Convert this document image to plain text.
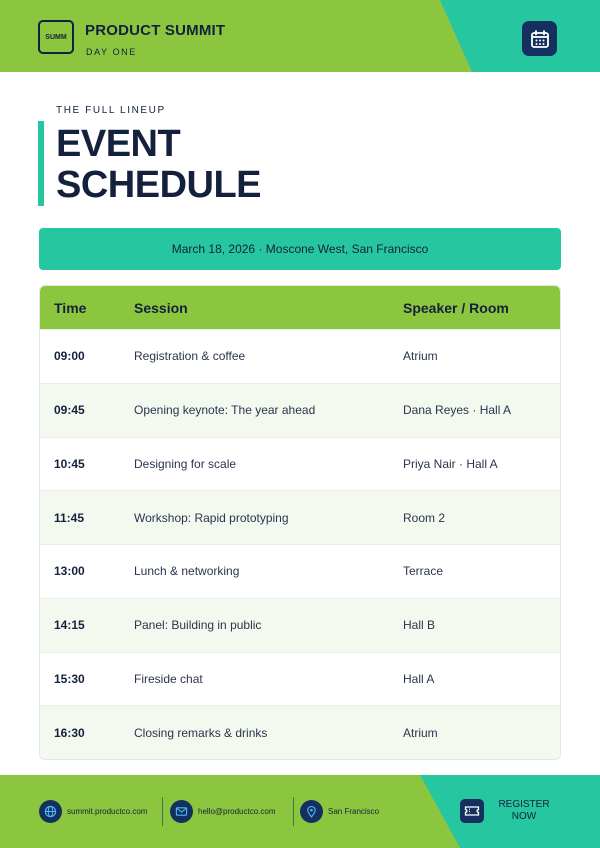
SUMM PRODUCT SUMMIT
DAY ONE
THE FULL LINEUP
EVENT
SCHEDULE
March 18, 2026 · Moscone West, San Francisco
Time	Session	Speaker / Room
09:00	Registration & coffee	Atrium
09:45	Opening keynote: The year ahead	Dana Reyes · Hall A
10:45	Designing for scale	Priya Nair · Hall A
11:45	Workshop: Rapid prototyping	Room 2
13:00	Lunch & networking	Terrace
14:15	Panel: Building in public	Hall B
15:30	Fireside chat	Hall A
16:30	Closing remarks & drinks	Atrium
summit.productco.com	hello@productco.com	San Francisco
REGISTER
NOW
